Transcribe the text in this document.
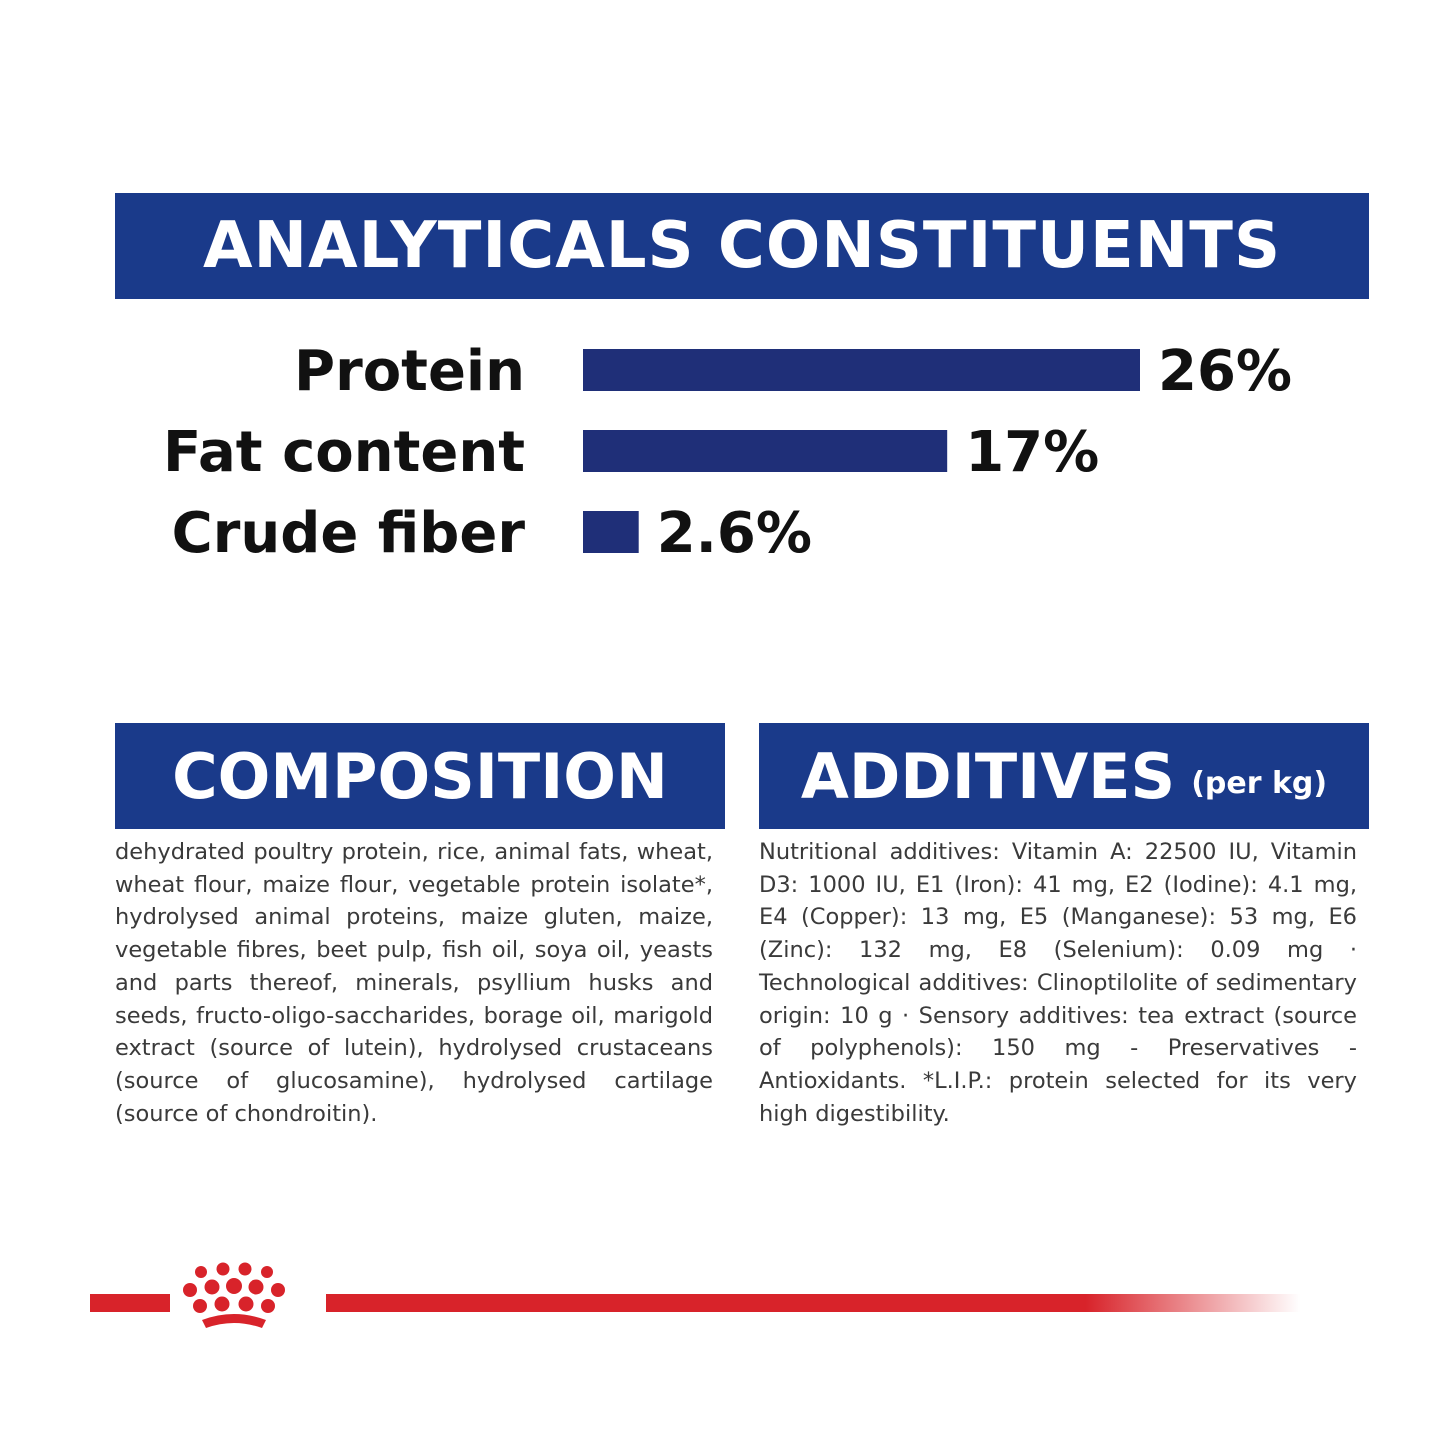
ANALYTICALS CONSTITUENTS
Protein	26%
Fat content	17%
Crude fiber 2.6%
COMPOSITION ADDITIVES (per kg)

dehydrated poultry protein, rice, animal fats, wheat, wheat flour, maize flour, vegetable protein isolate*, hydrolysed animal proteins, maize gluten, maize, vegetable fibres, beet pulp, fish oil, soya oil, yeasts and parts thereof, minerals, psyllium husks and seeds, fructo-oligo-saccharides, borage oil, marigold extract (source of lutein), hydrolysed crustaceans (source of glucosamine), hydrolysed cartilage (source of chondroitin).

Nutritional additives: Vitamin A: 22500 IU, Vitamin D3: 1000 IU, E1 (Iron): 41 mg, E2 (Iodine): 4.1 mg, E4 (Copper): 13 mg, E5 (Manganese): 53 mg, E6 (Zinc): 132 mg, E8 (Selenium): 0.09 mg · Technological additives: Clinoptilolite of sedimentary origin: 10 g · Sensory additives: tea extract (source of polyphenols): 150 mg - Preservatives - Antioxidants. *L.I.P.: protein selected for its very high digestibility.
